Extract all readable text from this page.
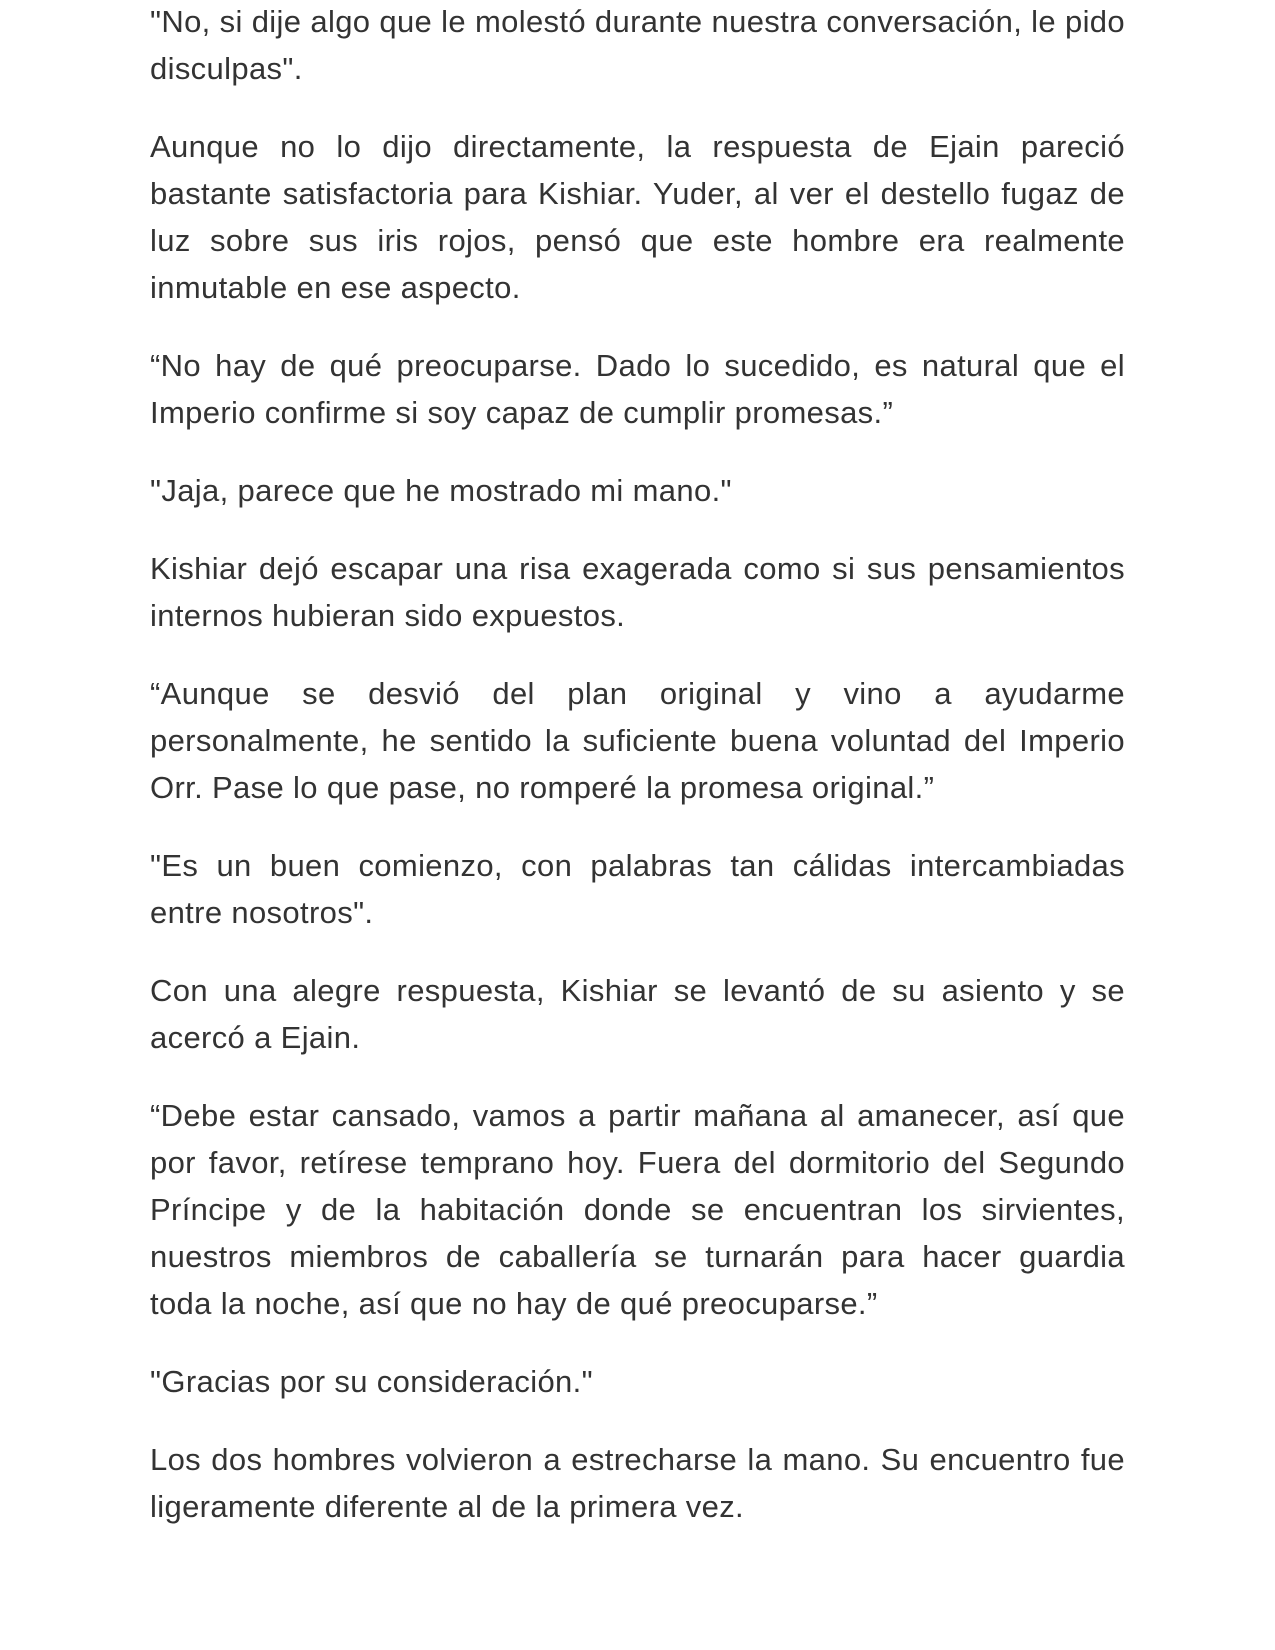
"No, si dije algo que le molestó durante nuestra conversación, le pido disculpas".

Aunque no lo dijo directamente, la respuesta de Ejain pareció bastante satisfactoria para Kishiar. Yuder, al ver el destello fugaz de luz sobre sus iris rojos, pensó que este hombre era realmente inmutable en ese aspecto.

“No hay de qué preocuparse. Dado lo sucedido, es natural que el Imperio confirme si soy capaz de cumplir promesas.”

"Jaja, parece que he mostrado mi mano."

Kishiar dejó escapar una risa exagerada como si sus pensamientos internos hubieran sido expuestos.

“Aunque se desvió del plan original y vino a ayudarme personalmente, he sentido la suficiente buena voluntad del Imperio Orr. Pase lo que pase, no romperé la promesa original.”

"Es un buen comienzo, con palabras tan cálidas intercambiadas entre nosotros".

Con una alegre respuesta, Kishiar se levantó de su asiento y se acercó a Ejain.

“Debe estar cansado, vamos a partir mañana al amanecer, así que por favor, retírese temprano hoy. Fuera del dormitorio del Segundo Príncipe y de la habitación donde se encuentran los sirvientes, nuestros miembros de caballería se turnarán para hacer guardia toda la noche, así que no hay de qué preocuparse.”

"Gracias por su consideración."

Los dos hombres volvieron a estrecharse la mano. Su encuentro fue ligeramente diferente al de la primera vez.
